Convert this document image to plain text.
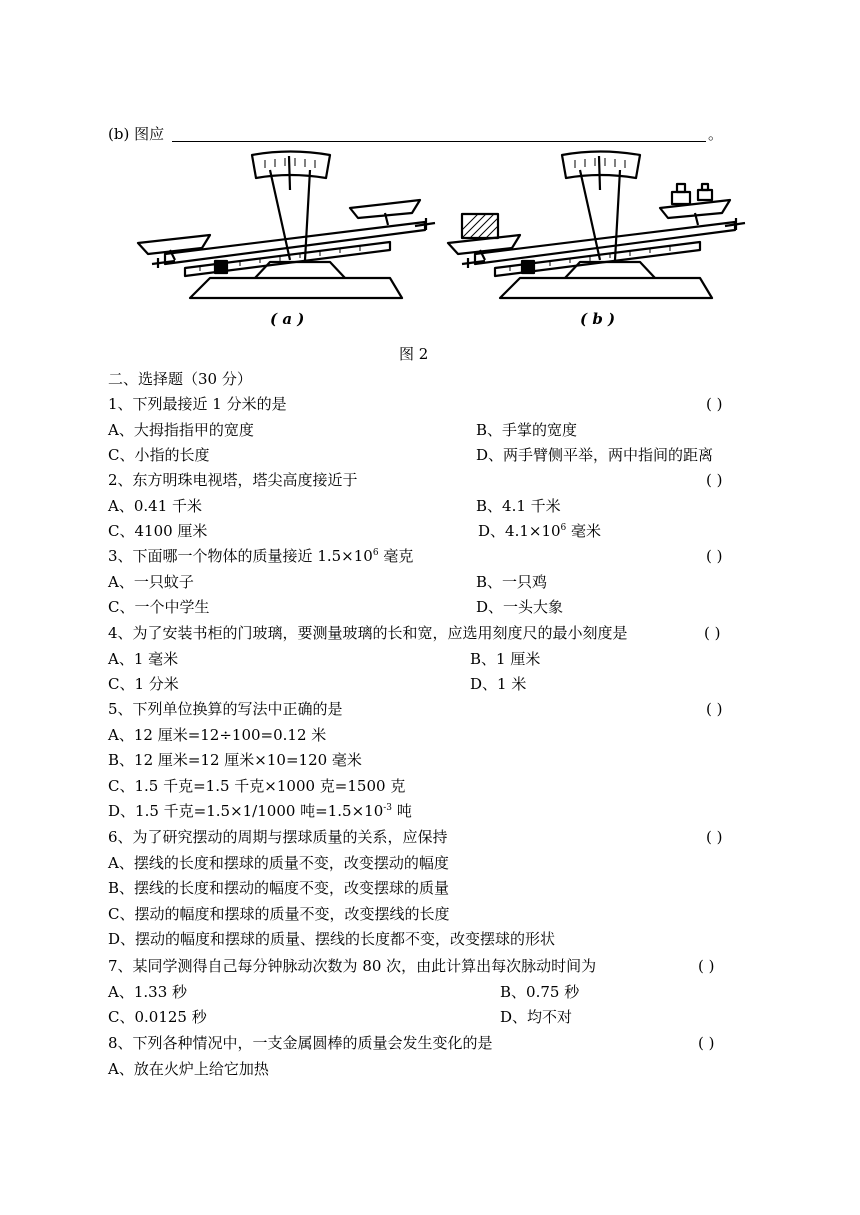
(b) 图应	。
( a )	( b )
图 2
二、选择题（30 分）
1、下列最接近 1 分米的是	( )
A、大拇指指甲的宽度	B、手掌的宽度
C、小指的长度	D、两手臂侧平举，两中指间的距离
2、东方明珠电视塔，塔尖高度接近于	( )
A、0.41 千米	B、4.1 千米
C、4100 厘米	D、$4.1\times 10^6$ 毫米
3、下面哪一个物体的质量接近 $1.5\times 10^6$ 毫克	( )
A、一只蚊子	B、一只鸡
C、一个中学生	D、一头大象
4、为了安装书柜的门玻璃，要测量玻璃的长和宽，应选用刻度尺的最小刻度是	( )
A、1 毫米	B、1 厘米
C、1 分米	D、1 米
5、下列单位换算的写法中正确的是	( )
A、12 厘米=12÷100=0.12 米
B、12 厘米=12 厘米×10=120 毫米
C、1.5 千克=1.5 千克×1000 克=1500 克
D、1.5 千克=1.5×1/1000 吨$=1.5\times 10^{-3}$ 吨
6、为了研究摆动的周期与摆球质量的关系，应保持	( )
A、摆线的长度和摆球的质量不变，改变摆动的幅度
B、摆线的长度和摆动的幅度不变，改变摆球的质量
C、摆动的幅度和摆球的质量不变，改变摆线的长度
D、摆动的幅度和摆球的质量、摆线的长度都不变，改变摆球的形状
7、某同学测得自己每分钟脉动次数为 80 次，由此计算出每次脉动时间为	( )
A、1.33 秒	B、0.75 秒
C、0.0125 秒	D、均不对
8、下列各种情况中，一支金属圆棒的质量会发生变化的是	( )
A、放在火炉上给它加热
